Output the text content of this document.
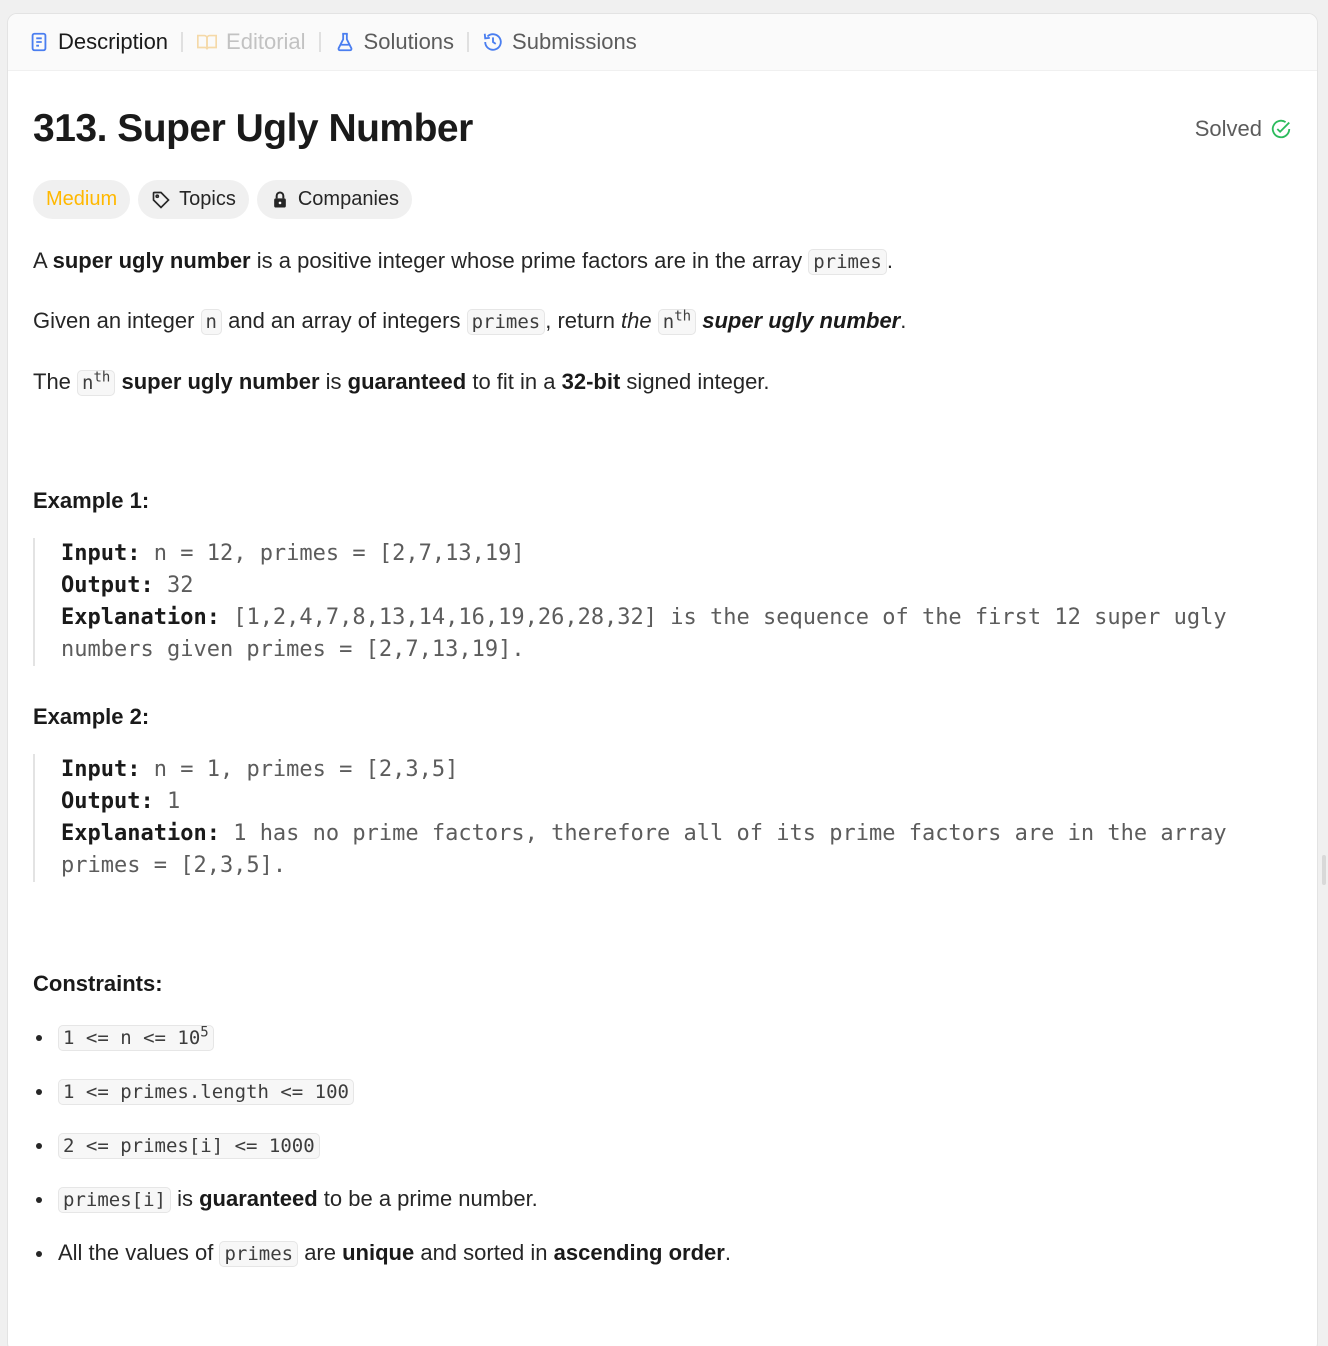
Description	Editorial	Solutions	Submissions
313. Super Ugly Number	Solved
Medium	Topics	Companies

A super ugly number is a positive integer whose prime factors are in the array primes .

Given an integer n and an array of integers primes , return the $n^{th}$ super ugly number.

The $n^{th}$ super ugly number is guaranteed to fit in a 32-bit signed integer.

Example 1:
Input: n = 12, primes = [2,7,13,19]
Output: 32
Explanation: [1,2,4,7,8,13,14,16,19,26,28,32] is the sequence of the first 12 super ugly numbers given primes = [2,7,13,19].
Example 2:
Input: n = 1, primes = [2,3,5]
Output: 1
Explanation: 1 has no prime factors, therefore all of its prime factors are in the array primes = [2,3,5].
Constraints:
$1 <= n <= 10^5$
1 <= primes.length <= 100
2 <= primes[i] <= 1000
primes[i] is guaranteed to be a prime number.
All the values of primes are unique and sorted in ascending order.
